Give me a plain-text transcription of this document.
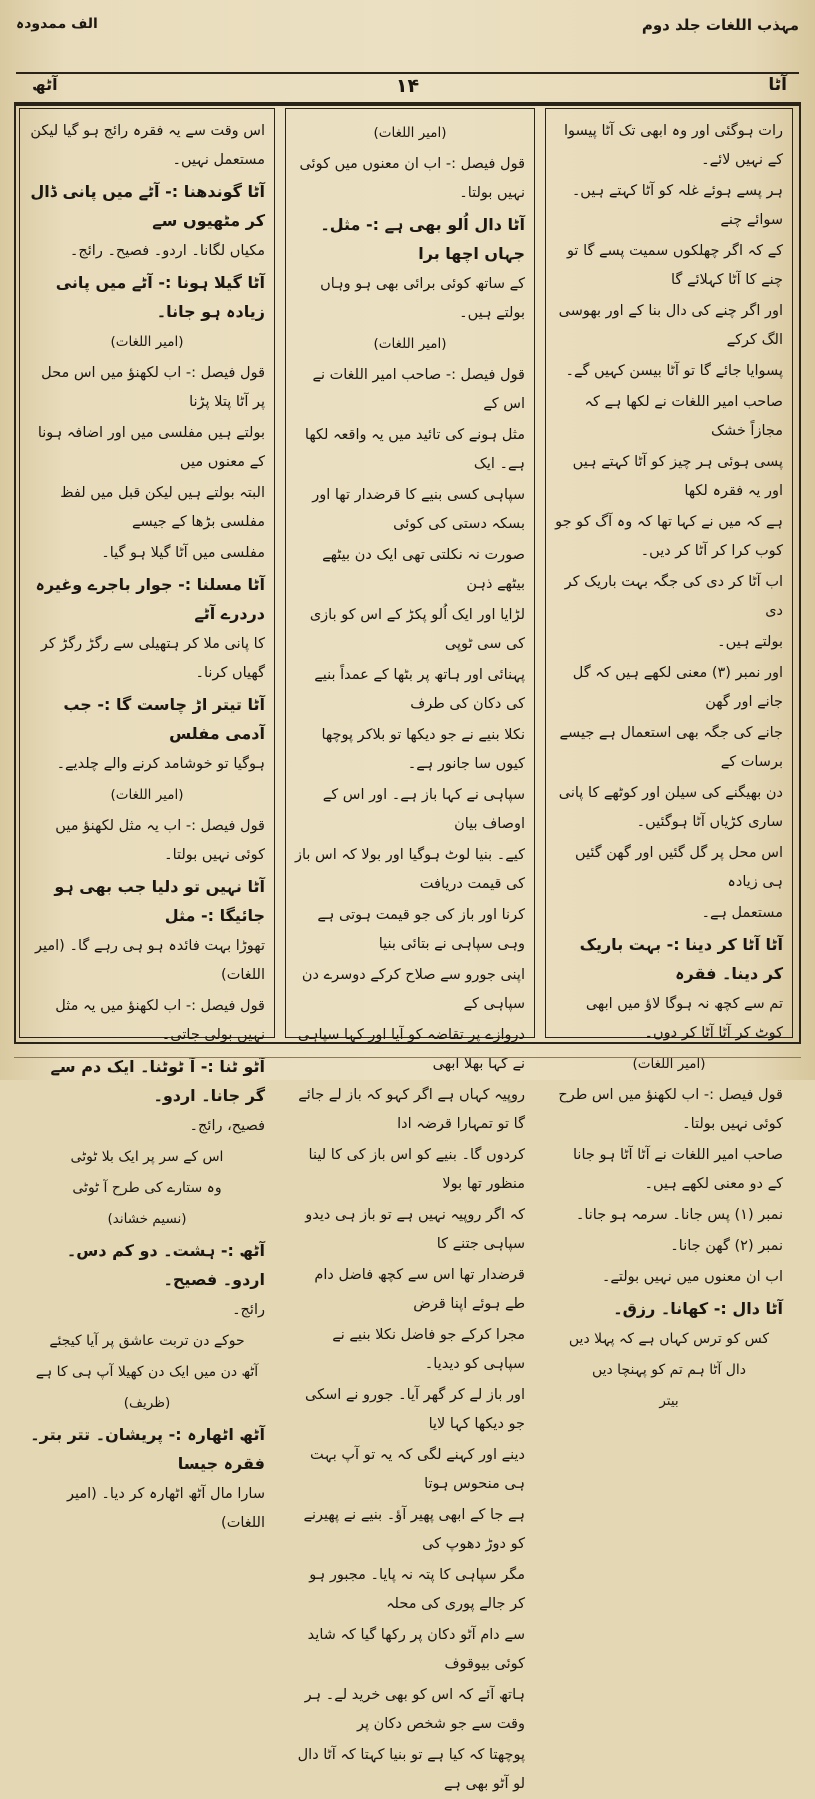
مہذب اللغات جلد دوم
الف ممدودہ
آٹا
۱۴
آٹھ

رات ہوگئی اور وہ ابھی تک آٹا پیسوا کے نہیں لائے۔

ہر پسے ہوئے غلہ کو آٹا کہتے ہیں۔ سوائے چنے

کے کہ اگر چھلکوں سمیت پسے گا تو چنے کا آٹا کہلائے گا

اور اگر چنے کی دال بنا کے اور بھوسی الگ کرکے

پسوایا جائے گا تو آٹا بیسن کہیں گے۔

صاحب امیر اللغات نے لکھا ہے کہ مجازاً خشک

پسی ہوئی ہر چیز کو آٹا کہتے ہیں اور یہ فقرہ لکھا

ہے کہ میں نے کہا تھا کہ وہ آگ کو جو کوب کرا کر آٹا کر دیں۔

اب آٹا کر دی کی جگہ بہت باریک کر دی

بولتے ہیں۔

اور نمبر (۳) معنی لکھے ہیں کہ گل جانے اور گھن

جانے کی جگہ بھی استعمال ہے جیسے برسات کے

دن بھیگنے کی سیلن اور کوٹھے کا پانی ساری کڑیاں آٹا ہوگئیں۔

اس محل پر گل گئیں اور گھن گئیں ہی زیادہ

مستعمل ہے۔

آٹا آٹا کر دینا :- بہت باریک کر دینا۔ فقرہ

تم سے کچھ نہ ہوگا لاؤ میں ابھی کوٹ کر آٹا آٹا کر دوں۔

(امیر اللغات)

قول فیصل :- اب لکھنؤ میں اس طرح کوئی نہیں بولتا۔

صاحب امیر اللغات نے آٹا آٹا ہو جانا کے دو معنی لکھے ہیں۔

نمبر (۱) پس جانا۔ سرمہ ہو جانا۔

نمبر (۲) گھن جانا۔

اب ان معنوں میں نہیں بولتے۔

آٹا دال :- کھانا۔ رزق۔

کس کو ترس کہاں ہے کہ پہلا دیں

دال آٹا ہم تم کو پہنچا دیں

بیتر

(امیر اللغات)

قول فیصل :- اب ان معنوں میں کوئی نہیں بولتا۔

آٹا دال اُلو بھی ہے :- مثل۔ جہاں اچھا برا

کے ساتھ کوئی برائی بھی ہو وہاں بولتے ہیں۔

(امیر اللغات)

قول فیصل :- صاحب امیر اللغات نے اس کے

مثل ہونے کی تائید میں یہ واقعہ لکھا ہے۔ ایک

سپاہی کسی بنیے کا قرضدار تھا اور بسکہ دستی کی کوئی

صورت نہ نکلتی تھی ایک دن بیٹھے بیٹھے ذہن

لڑایا اور ایک اُلو پکڑ کے اس کو بازی کی سی ٹوپی

پہنائی اور ہاتھ پر بٹھا کے عمداً بنیے کی دکان کی طرف

نکلا بنیے نے جو دیکھا تو بلاکر پوچھا کیوں سا جانور ہے۔

سپاہی نے کہا باز ہے۔ اور اس کے اوصاف بیان

کیے۔ بنیا لوٹ ہوگیا اور بولا کہ اس باز کی قیمت دریافت

کرنا اور باز کی جو قیمت ہوتی ہے وہی سپاہی نے بتائی بنیا

اپنی جورو سے صلاح کرکے دوسرے دن سپاہی کے

دروازے پر تقاضہ کو آیا اور کہا سپاہی نے کہا بھلا ابھی

روپیہ کہاں ہے اگر کہو کہ باز لے جائے گا تو تمہارا قرضہ ادا

کردوں گا۔ بنیے کو اس باز کی کا لینا منظور تھا بولا

کہ اگر روپیہ نہیں ہے تو باز ہی دیدو سپاہی جتنے کا

قرضدار تھا اس سے کچھ فاضل دام طے ہوئے اپنا قرض

مجرا کرکے جو فاضل نکلا بنیے نے سپاہی کو دیدیا۔

اور باز لے کر گھر آیا۔ جورو نے اسکی جو دیکھا کہا لایا

دینے اور کہنے لگی کہ یہ تو آپ بہت ہی منحوس ہوتا

ہے جا کے ابھی پھیر آؤ۔ بنیے نے پھیرنے کو دوڑ دھوپ کی

مگر سپاہی کا پتہ نہ پایا۔ مجبور ہو کر جالے پوری کی محلہ

سے دام آٹو دکان پر رکھا گیا کہ شاید کوئی بیوقوف

ہاتھ آئے کہ اس کو بھی خرید لے۔ ہر وقت سے جو شخص دکان پر

پوچھتا کہ کیا ہے تو بنیا کہتا کہ آٹا دال لو آٹو بھی ہے

اس وقت سے یہ فقرہ رائج ہو گیا لیکن مستعمل نہیں۔

آٹا گوندھنا :- آٹے میں پانی ڈال کر مٹھیوں سے

مکیاں لگانا۔ اردو۔ فصیح۔ رائج۔

آٹا گیلا ہونا :- آٹے میں پانی زیادہ ہو جانا۔

(امیر اللغات)

قول فیصل :- اب لکھنؤ میں اس محل پر آٹا پتلا پڑنا

بولتے ہیں مفلسی میں اور اضافہ ہونا کے معنوں میں

البتہ بولتے ہیں لیکن قبل میں لفظ مفلسی بڑھا کے جیسے

مفلسی میں آٹا گیلا ہو گیا۔

آٹا مسلنا :- جوار باجرے وغیرہ دردرے آٹے

کا پانی ملا کر ہتھیلی سے رگڑ رگڑ کر گھیاں کرنا۔

آٹا تیتر اڑ چاست گا :- جب آدمی مفلس

ہوگیا تو خوشامد کرنے والے چلدیے۔

(امیر اللغات)

قول فیصل :- اب یہ مثل لکھنؤ میں کوئی نہیں بولتا۔

آٹا نہیں تو دلیا جب بھی ہو جائیگا :- مثل

تھوڑا بہت فائدہ ہو ہی رہے گا۔ (امیر اللغات)

قول فیصل :- اب لکھنؤ میں یہ مثل نہیں بولی جاتی۔

آٹو ٹنا :- آ ٹوٹنا۔ ایک دم سے گر جانا۔ اردو۔

فصیح، رائج۔

اس کے سر پر ایک بلا ٹوٹی

وہ ستارے کی طرح آ ٹوٹی

(نسیم خشاند)

آٹھ :- ہشت۔ دو کم دس۔ اردو۔ فصیح۔

رائج۔

حوکے دن تربت عاشق پر آیا کیجئے

آٹھ دن میں ایک دن کھیلا آپ ہی کا ہے

(ظریف)

آٹھ اٹھارہ :- پریشان۔ تتر بتر۔ فقرہ جیسا

سارا مال آٹھ اٹھارہ کر دیا۔ (امیر اللغات)
